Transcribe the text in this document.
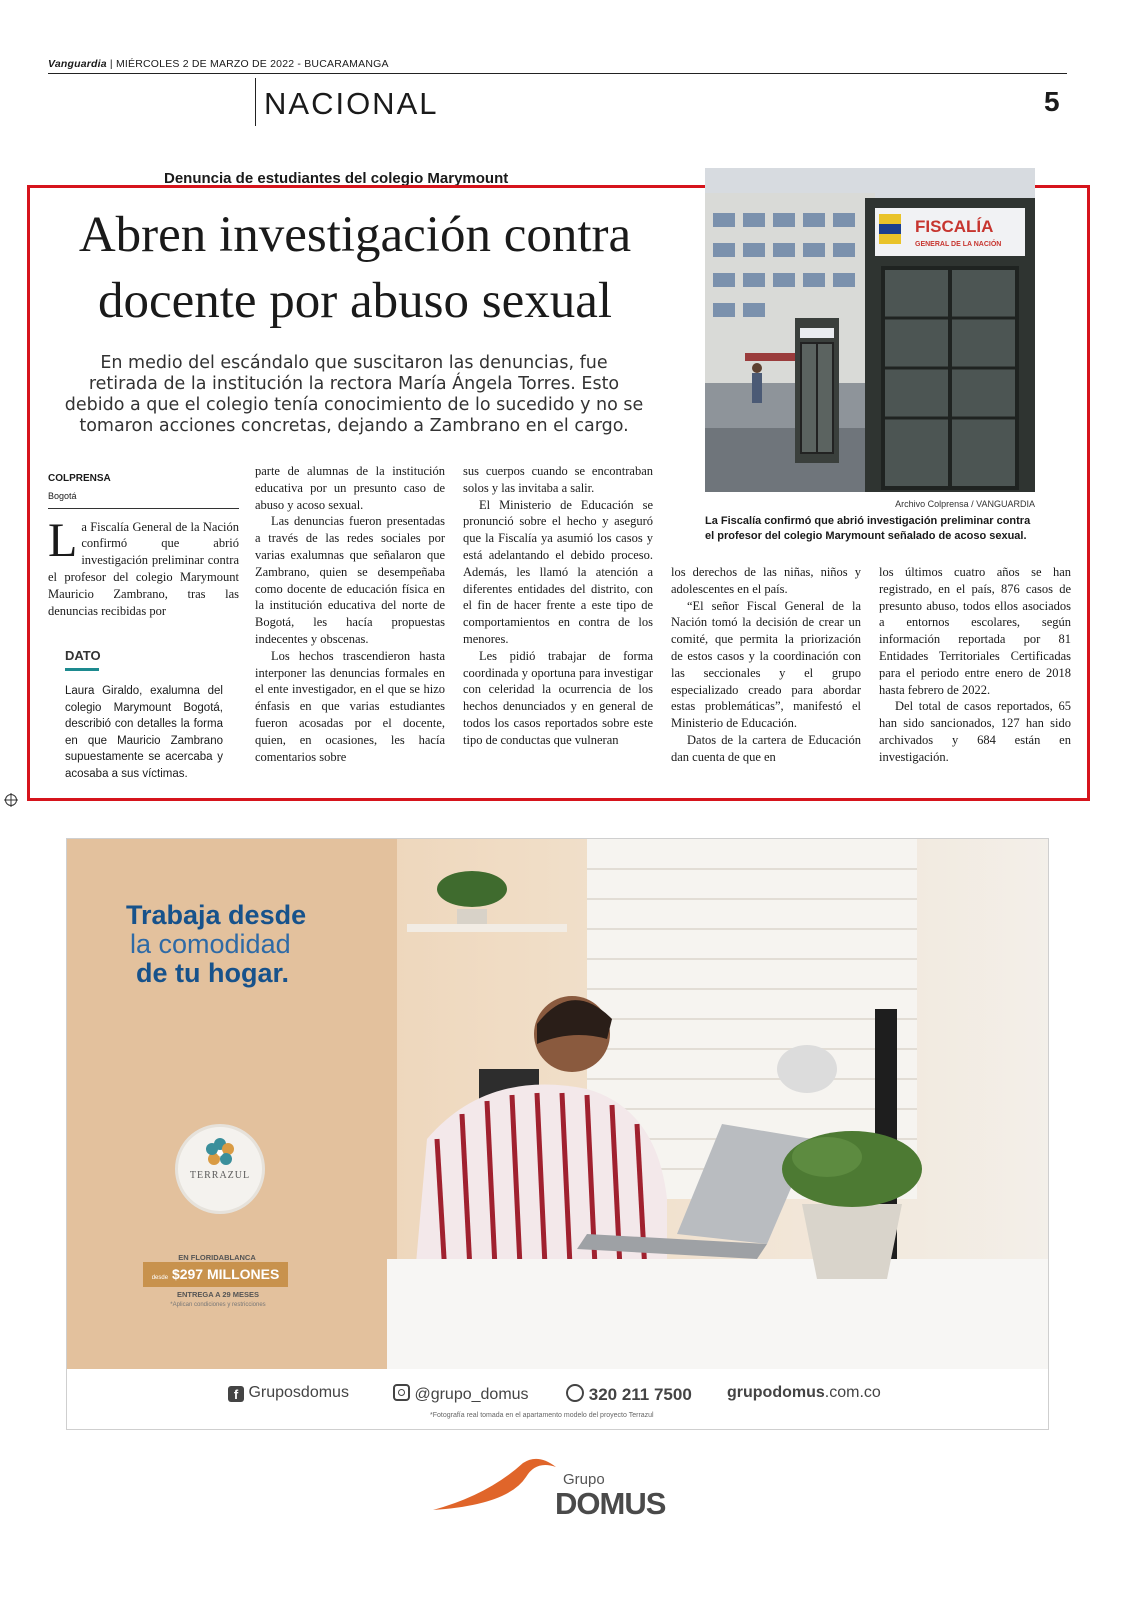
Vanguardia | MIÉRCOLES 2 DE MARZO DE 2022 - BUCARAMANGA
NACIONAL	5
Denuncia de estudiantes del colegio Marymount
Abren investigación contra
docente por abuso sexual
En medio del escándalo que suscitaron las denuncias, fue retirada de la institución la rectora María Ángela Torres. Esto debido a que el colegio tenía conocimiento de lo sucedido y no se tomaron acciones concretas, dejando a Zambrano en el cargo.
FISCALÍA
GENERAL DE LA NACIÓN
Archivo Colprensa / VANGUARDIA
La Fiscalía confirmó que abrió investigación preliminar contra el profesor del colegio Marymount señalado de acoso sexual.
COLPRENSA
Bogotá

La Fiscalía General de la Nación confirmó que abrió investigación preliminar contra el profesor del colegio Marymount Mauricio Zambrano, tras las denuncias recibidas por

DATO
Laura Giraldo, exalumna del colegio Marymount Bogotá, describió con detalles la forma en que Mauricio Zambrano supuestamente se acercaba y acosaba a sus víctimas.

parte de alumnas de la institución educativa por un presunto caso de abuso y acoso sexual.

Las denuncias fueron presentadas a través de las redes sociales por varias exalumnas que señalaron que Zambrano, quien se desempeñaba como docente de educación física en la institución educativa del norte de Bogotá, les hacía propuestas indecentes y obscenas.

Los hechos trascendieron hasta interponer las denuncias formales en el ente investigador, en el que se hizo énfasis en que varias estudiantes fueron acosadas por el docente, quien, en ocasiones, les hacía comentarios sobre

sus cuerpos cuando se encontraban solos y las invitaba a salir.

El Ministerio de Educación se pronunció sobre el hecho y aseguró que la Fiscalía ya asumió los casos y está adelantando el debido proceso. Además, les llamó la atención a diferentes entidades del distrito, con el fin de hacer frente a este tipo de comportamientos en contra de los menores.

Les pidió trabajar de forma coordinada y oportuna para investigar con celeridad la ocurrencia de los hechos denunciados y en general de todos los casos reportados sobre este tipo de conductas que vulneran

los derechos de las niñas, niños y adolescentes en el país.

“El señor Fiscal General de la Nación tomó la decisión de crear un comité, que permita la priorización de estos casos y la coordinación con las seccionales y el grupo especializado creado para abordar estas problemáticas”, manifestó el Ministerio de Educación.

Datos de la cartera de Educación dan cuenta de que en

los últimos cuatro años se han registrado, en el país, 876 casos de presunto abuso, todos ellos asociados a entornos escolares, según información reportada por 81 Entidades Territoriales Certificadas para el periodo entre enero de 2018 hasta febrero de 2022.

Del total de casos reportados, 65 han sido sancionados, 127 han sido archivados y 684 están en investigación.

Trabaja desde
la comodidad
de tu hogar.
TERRAZUL
EN FLORIDABLANCA
desde $297 MILLONES
ENTREGA A 29 MESES
*Aplican condiciones y restricciones
f Gruposdomus	@grupo_domus	320 211 7500 grupodomus.com.co
*Fotografía real tomada en el apartamento modelo del proyecto Terrazul
Grupo
DOMUS
